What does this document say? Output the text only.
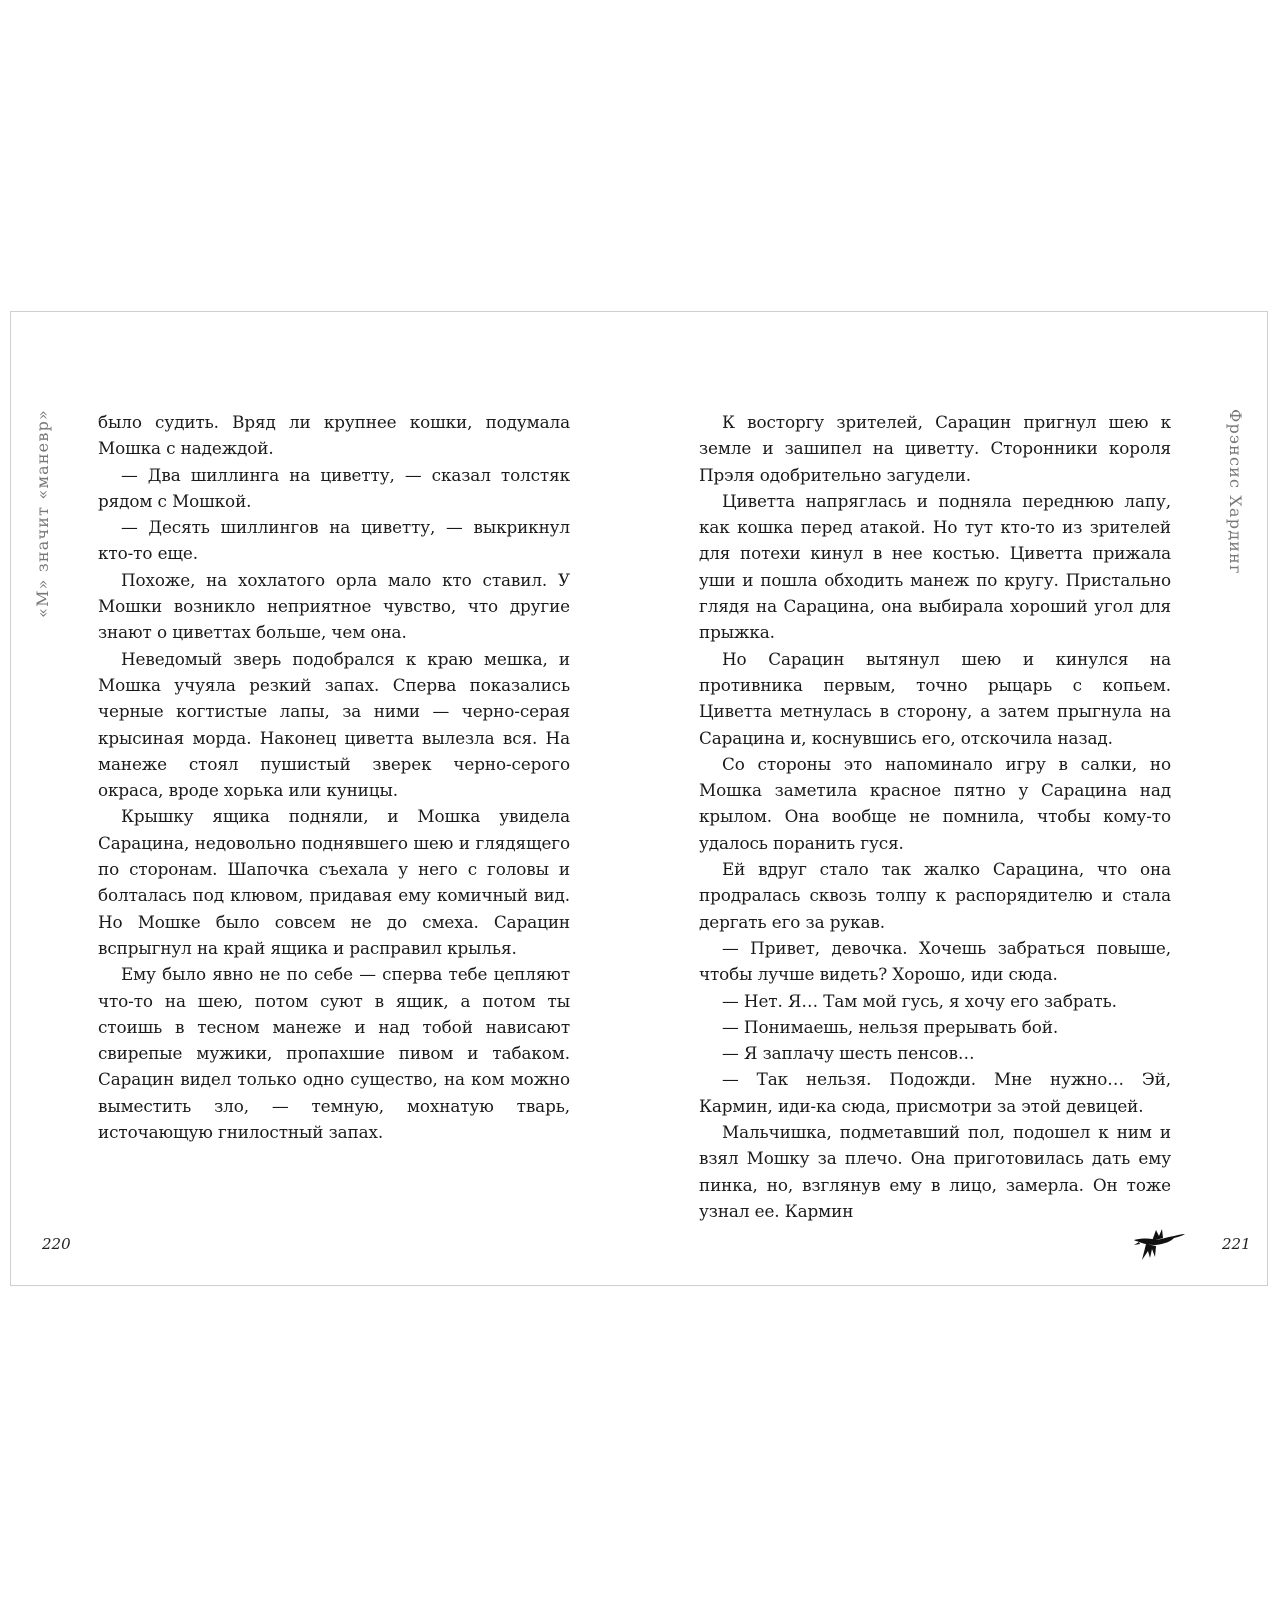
«М» значит «маневр»	было судить. Вряд ли крупнее кошки, подумала Мошка с надеждой.

— Два шиллинга на циветту, — сказал толстяк рядом с Мошкой.

— Десять шиллингов на циветту, — выкрикнул кто-то еще.

Похоже, на хохлатого орла мало кто ставил. У Мошки возникло неприятное чувство, что другие знают о циветтах больше, чем она.

Неведомый зверь подобрался к краю мешка, и Мошка учуяла резкий запах. Сперва показались черные когтистые лапы, за ними — черно-серая крысиная морда. Наконец циветта вылезла вся. На манеже стоял пушистый зверек черно-серого окраса, вроде хорька или куницы.

Крышку ящика подняли, и Мошка увидела Сарацина, недовольно поднявшего шею и глядящего по сторонам. Шапочка съехала у него с головы и болталась под клювом, придавая ему комичный вид. Но Мошке было совсем не до смеха. Сарацин вспрыгнул на край ящика и расправил крылья.

Ему было явно не по себе — сперва тебе цепляют что-то на шею, потом суют в ящик, а потом ты стоишь в тесном манеже и над тобой нависают свирепые мужики, пропахшие пивом и табаком. Сарацин видел только одно существо, на ком можно выместить зло, — темную, мохнатую тварь, источающую гнилостный запах.

220

К восторгу зрителей, Сарацин пригнул шею к земле и зашипел на циветту. Сторонники короля Прэля одобрительно загудели.

Циветта напряглась и подняла переднюю лапу, как кошка перед атакой. Но тут кто-то из зрителей для потехи кинул в нее костью. Циветта прижала уши и пошла обходить манеж по кругу. Пристально глядя на Сарацина, она выбирала хороший угол для прыжка.

Но Сарацин вытянул шею и кинулся на противника первым, точно рыцарь с копьем. Циветта метнулась в сторону, а затем прыгнула на Сарацина и, коснувшись его, отскочила назад.

Со стороны это напоминало игру в салки, но Мошка заметила красное пятно у Сарацина над крылом. Она вообще не помнила, чтобы кому-то удалось поранить гуся.

Ей вдруг стало так жалко Сарацина, что она продралась сквозь толпу к распорядителю и стала дергать его за рукав.

— Привет, девочка. Хочешь забраться повыше, чтобы лучше видеть? Хорошо, иди сюда.

— Нет. Я… Там мой гусь, я хочу его забрать.

— Понимаешь, нельзя прерывать бой.

— Я заплачу шесть пенсов…

— Так нельзя. Подожди. Мне нужно… Эй, Кармин, иди-ка сюда, присмотри за этой девицей.

Мальчишка, подметавший пол, подошел к ним и взял Мошку за плечо. Она приготовилась дать ему пинка, но, взглянув ему в лицо, замерла. Он тоже узнал ее. Кармин

Фрэнсис Хардинг
221
